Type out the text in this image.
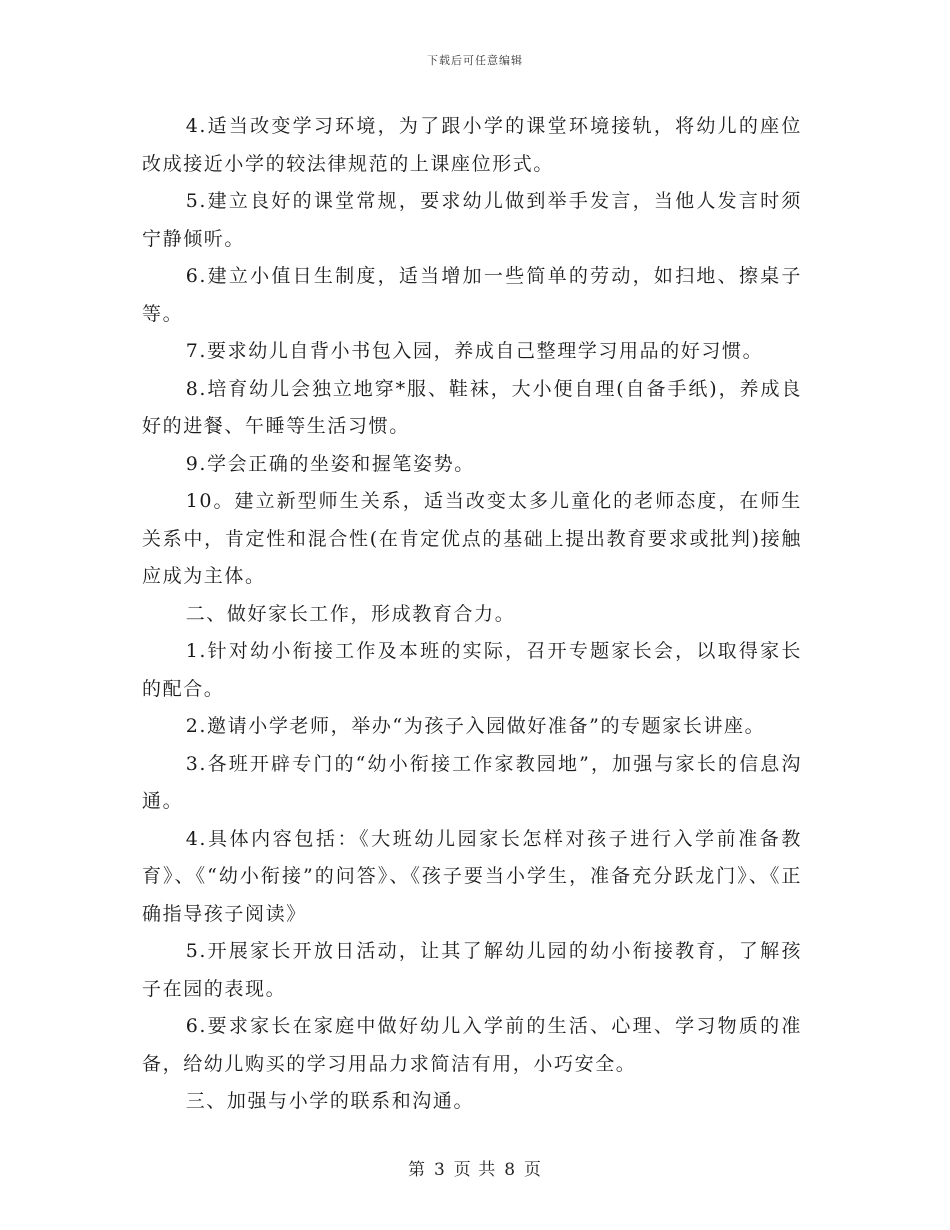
下载后可任意编辑

4.适当改变学习环境，为了跟小学的课堂环境接轨，将幼儿的座位改成接近小学的较法律规范的上课座位形式。

5.建立良好的课堂常规，要求幼儿做到举手发言，当他人发言时须宁静倾听。

6.建立小值日生制度，适当增加一些简单的劳动，如扫地、擦桌子等。

7.要求幼儿自背小书包入园，养成自己整理学习用品的好习惯。

8.培育幼儿会独立地穿*服、鞋袜，大小便自理(自备手纸)，养成良好的进餐、午睡等生活习惯。

9.学会正确的坐姿和握笔姿势。

10。建立新型师生关系，适当改变太多儿童化的老师态度，在师生关系中，肯定性和混合性(在肯定优点的基础上提出教育要求或批判)接触应成为主体。

二、做好家长工作，形成教育合力。

1.针对幼小衔接工作及本班的实际，召开专题家长会，以取得家长的配合。

2.邀请小学老师，举办“为孩子入园做好准备”的专题家长讲座。

3.各班开辟专门的“幼小衔接工作家教园地”，加强与家长的信息沟通。

4.具体内容包括：《大班幼儿园家长怎样对孩子进行入学前准备教育》、《“幼小衔接”的问答》、《孩子要当小学生，准备充分跃龙门》、《正确指导孩子阅读》

5.开展家长开放日活动，让其了解幼儿园的幼小衔接教育，了解孩子在园的表现。

6.要求家长在家庭中做好幼儿入学前的生活、心理、学习物质的准备，给幼儿购买的学习用品力求简洁有用，小巧安全。

三、加强与小学的联系和沟通。

第 3 页 共 8 页
